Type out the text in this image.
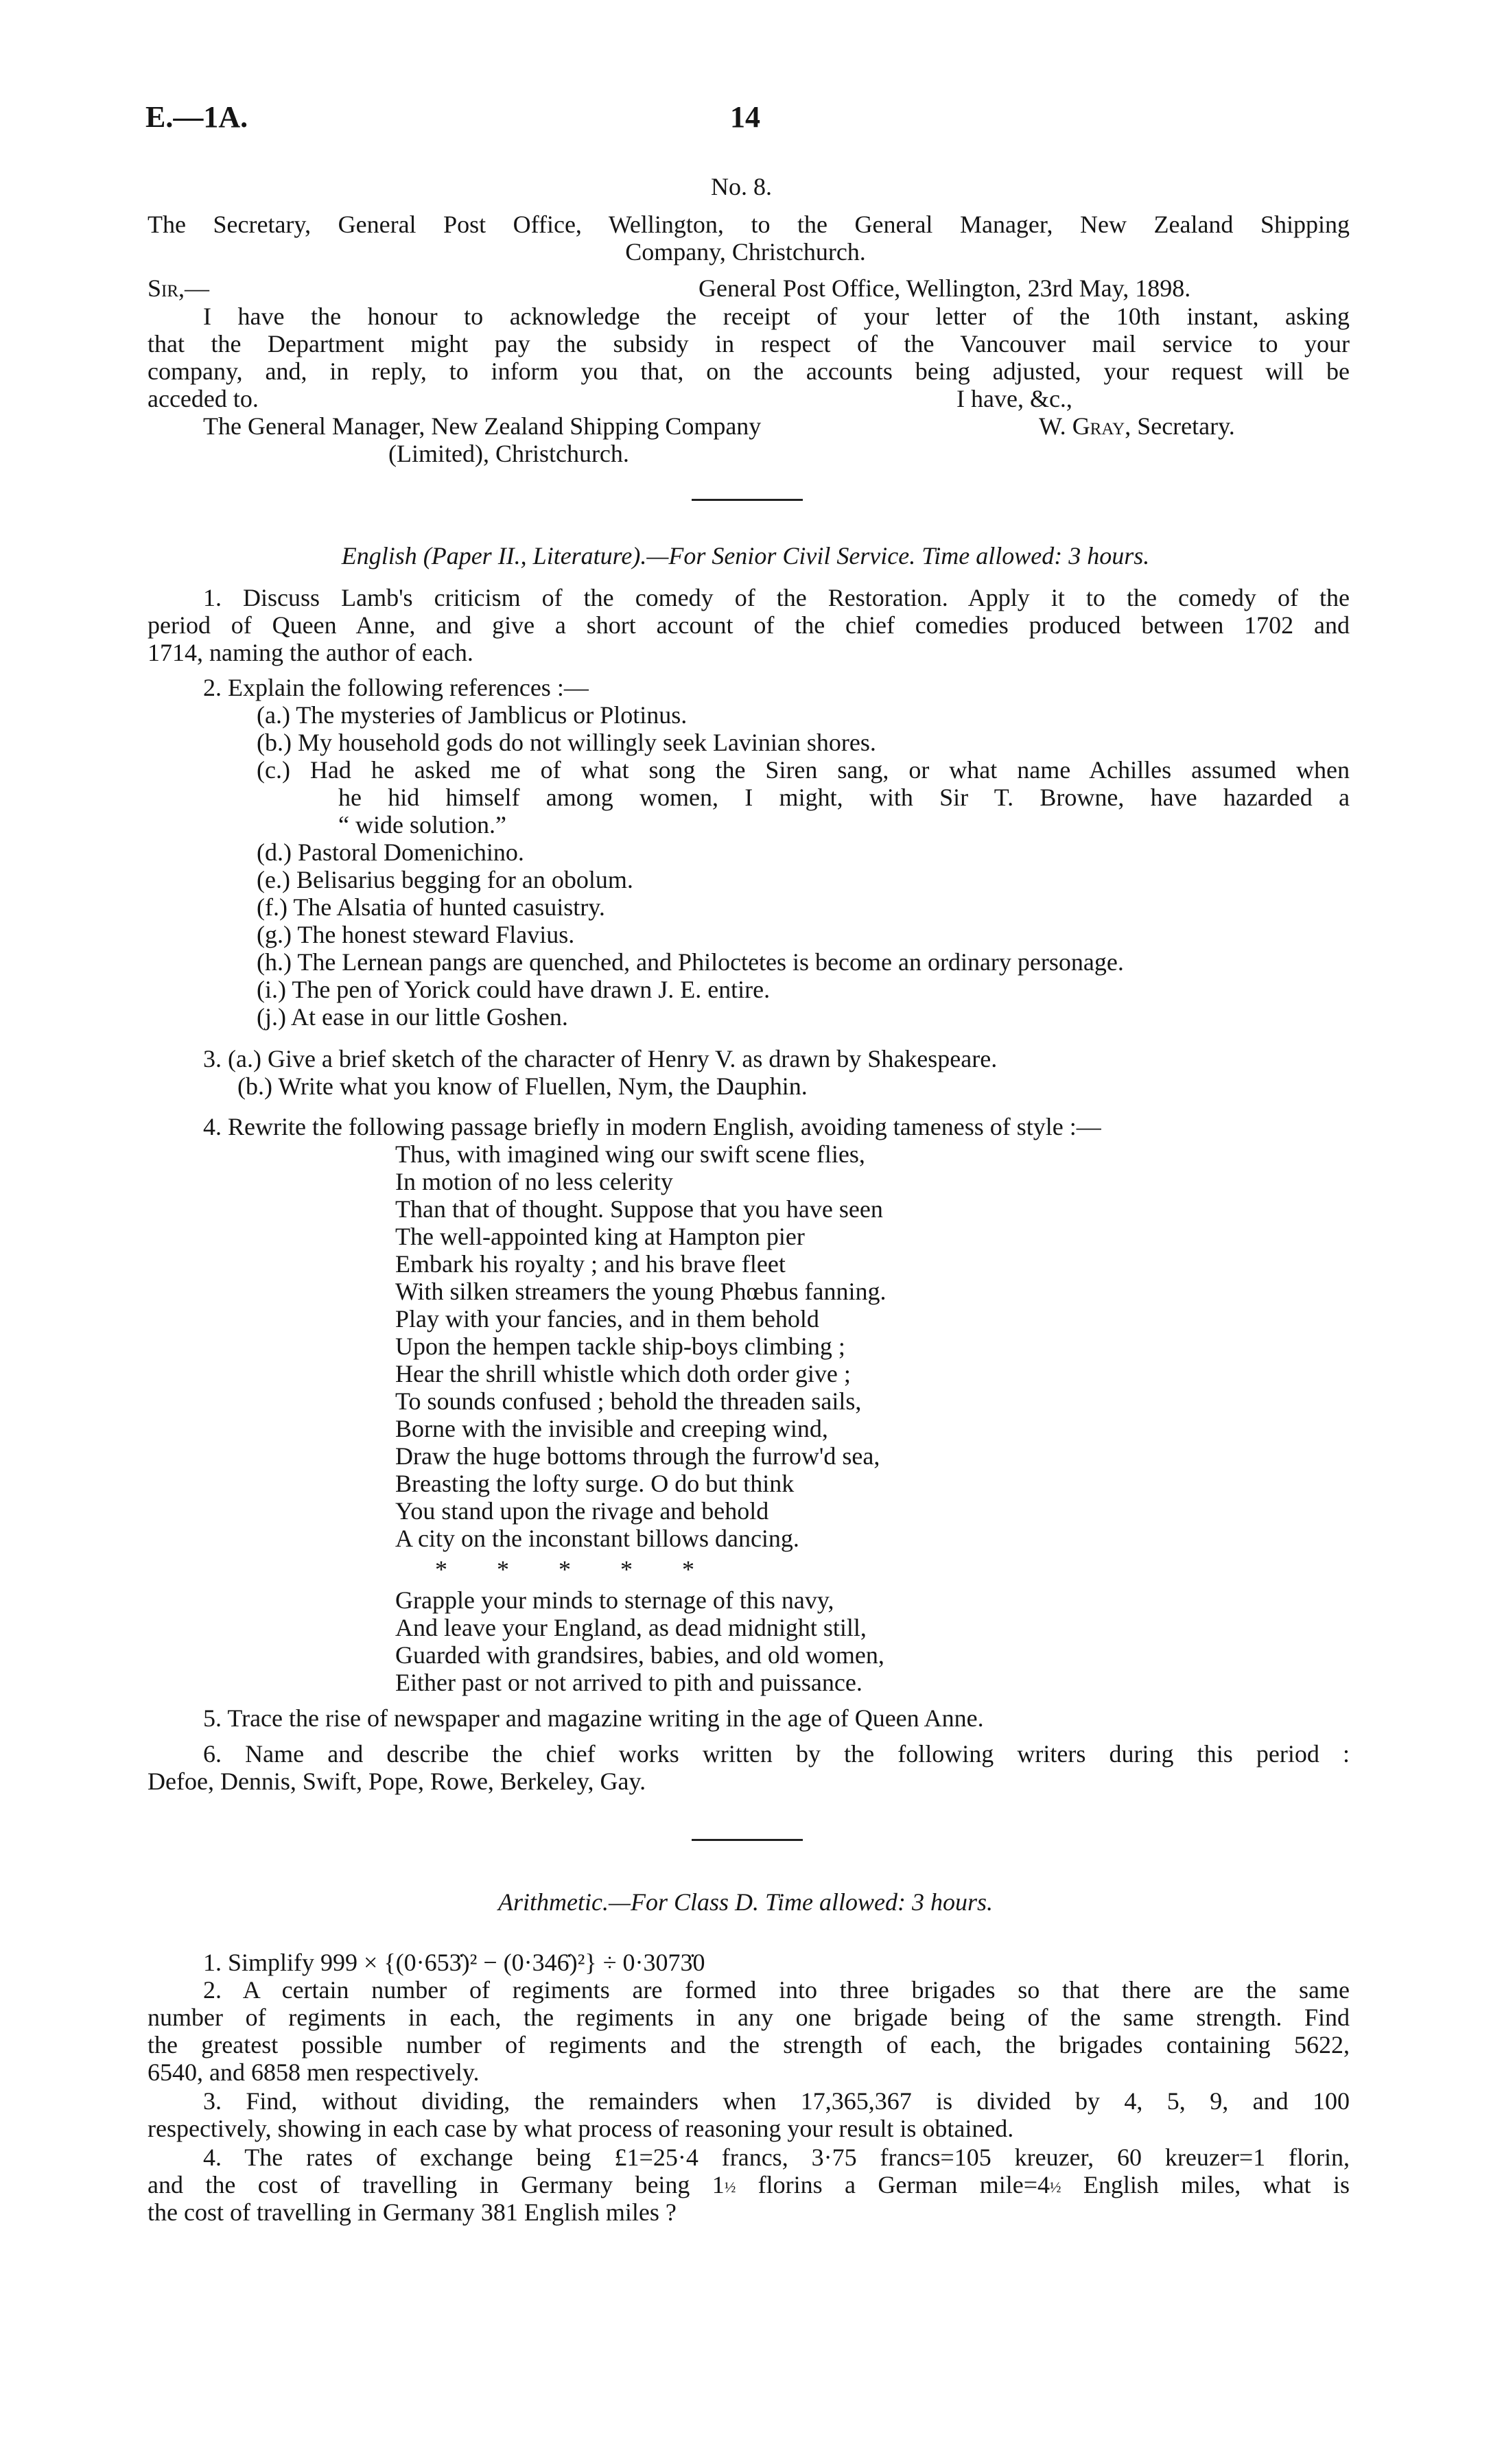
E.—1A.	14
No. 8.
The Secretary, General Post Office, Wellington, to the General Manager, New Zealand Shipping
Company, Christchurch.
Sir,—	General Post Office, Wellington, 23rd May, 1898.
I have the honour to acknowledge the receipt of your letter of the 10th instant, asking
that the Department might pay the subsidy in respect of the Vancouver mail service to your
company, and, in reply, to inform you that, on the accounts being adjusted, your request will be
acceded to.	I have, &c.,
The General Manager, New Zealand Shipping Company	W. Gray, Secretary.
(Limited), Christchurch.
English (Paper II., Literature).—For Senior Civil Service. Time allowed: 3 hours.
1. Discuss Lamb's criticism of the comedy of the Restoration. Apply it to the comedy of the
period of Queen Anne, and give a short account of the chief comedies produced between 1702 and
1714, naming the author of each.
2. Explain the following references :—
(a.) The mysteries of Jamblicus or Plotinus.
(b.) My household gods do not willingly seek Lavinian shores.
(c.) Had he asked me of what song the Siren sang, or what name Achilles assumed when
he hid himself among women, I might, with Sir T. Browne, have hazarded a
“ wide solution.”
(d.) Pastoral Domenichino.
(e.) Belisarius begging for an obolum.
(f.) The Alsatia of hunted casuistry.
(g.) The honest steward Flavius.
(h.) The Lernean pangs are quenched, and Philoctetes is become an ordinary personage.
(i.) The pen of Yorick could have drawn J. E. entire.
(j.) At ease in our little Goshen.
3. (a.) Give a brief sketch of the character of Henry V. as drawn by Shakespeare.
(b.) Write what you know of Fluellen, Nym, the Dauphin.
4. Rewrite the following passage briefly in modern English, avoiding tameness of style :—
Thus, with imagined wing our swift scene flies,
In motion of no less celerity
Than that of thought. Suppose that you have seen
The well-appointed king at Hampton pier
Embark his royalty ; and his brave fleet
With silken streamers the young Phœbus fanning.
Play with your fancies, and in them behold
Upon the hempen tackle ship-boys climbing ;
Hear the shrill whistle which doth order give ;
To sounds confused ; behold the threaden sails,
Borne with the invisible and creeping wind,
Draw the huge bottoms through the furrow'd sea,
Breasting the lofty surge. O do but think
You stand upon the rivage and behold
A city on the inconstant billows dancing.
*        *        *        *        *
Grapple your minds to sternage of this navy,
And leave your England, as dead midnight still,
Guarded with grandsires, babies, and old women,
Either past or not arrived to pith and puissance.
5. Trace the rise of newspaper and magazine writing in the age of Queen Anne.
6. Name and describe the chief works written by the following writers during this period :
Defoe, Dennis, Swift, Pope, Rowe, Berkeley, Gay.
Arithmetic.—For Class D. Time allowed: 3 hours.
1. Simplify 999 × {(0·653̇)² − (0·346̇)²} ÷ 0·3073̇0
2. A certain number of regiments are formed into three brigades so that there are the same
number of regiments in each, the regiments in any one brigade being of the same strength. Find
the greatest possible number of regiments and the strength of each, the brigades containing 5622,
6540, and 6858 men respectively.
3. Find, without dividing, the remainders when 17,365,367 is divided by 4, 5, 9, and 100
respectively, showing in each case by what process of reasoning your result is obtained.
4. The rates of exchange being £1=25·4 francs, 3·75 francs=105 kreuzer, 60 kreuzer=1 florin,
and the cost of travelling in Germany being 1½ florins a German mile=4½ English miles, what is
the cost of travelling in Germany 381 English miles ?
